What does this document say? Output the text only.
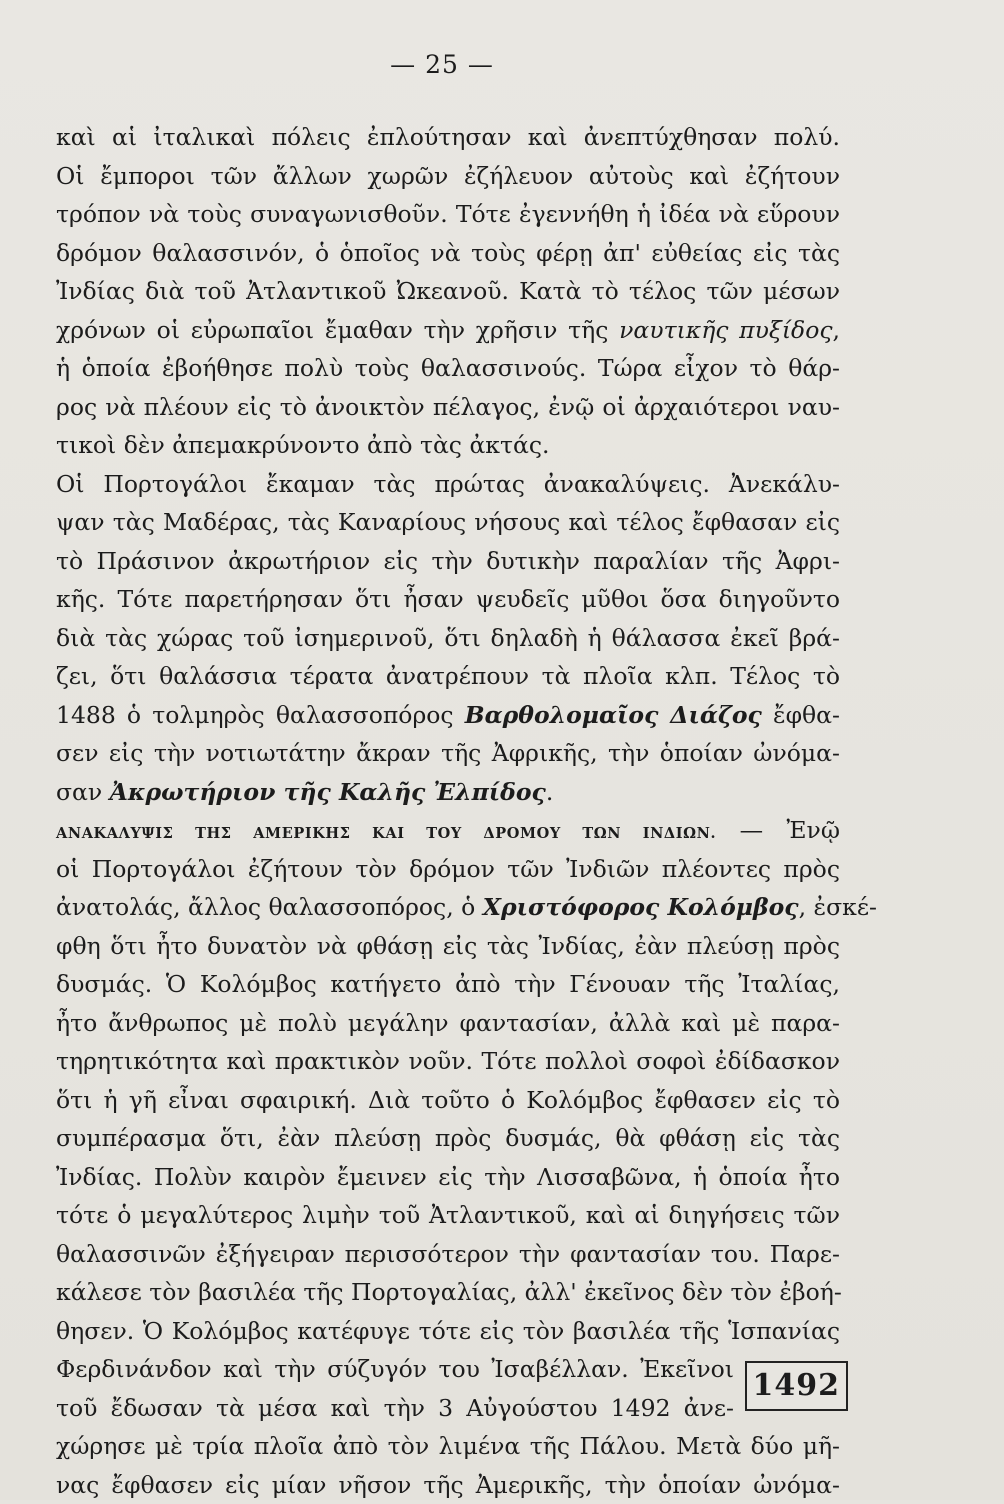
— 25 —
καὶ αἱ ἰταλικαὶ πόλεις ἐπλούτησαν καὶ ἀνεπτύχθησαν πολύ.
Οἱ ἔμποροι τῶν ἄλλων χωρῶν ἐζήλευον αὐτοὺς καὶ ἐζήτουν
τρόπον νὰ τοὺς συναγωνισθοῦν. Τότε ἐγεννήθη ἡ ἰδέα νὰ εὕρουν
δρόμον θαλασσινόν, ὁ ὁποῖος νὰ τοὺς φέρῃ ἀπ' εὐθείας εἰς τὰς
Ἰνδίας διὰ τοῦ Ἀτλαντικοῦ Ὠκεανοῦ. Κατὰ τὸ τέλος τῶν μέσων
χρόνων οἱ εὐρωπαῖοι ἔμαθαν τὴν χρῆσιν τῆς ναυτικῆς πυξίδος,
ἡ ὁποία ἐβοήθησε πολὺ τοὺς θαλασσινούς. Τώρα εἶχον τὸ θάρ-
ρος νὰ πλέουν εἰς τὸ ἀνοικτὸν πέλαγος, ἐνῷ οἱ ἀρχαιότεροι ναυ-
τικοὶ δὲν ἀπεμακρύνοντο ἀπὸ τὰς ἀκτάς.
Οἱ Πορτογάλοι ἔκαμαν τὰς πρώτας ἀνακαλύψεις. Ἀνεκάλυ-
ψαν τὰς Μαδέρας, τὰς Καναρίους νήσους καὶ τέλος ἔφθασαν εἰς
τὸ Πράσινον ἀκρωτήριον εἰς τὴν δυτικὴν παραλίαν τῆς Ἀφρι-
κῆς. Τότε παρετήρησαν ὅτι ἦσαν ψευδεῖς μῦθοι ὅσα διηγοῦντο
διὰ τὰς χώρας τοῦ ἰσημερινοῦ, ὅτι δηλαδὴ ἡ θάλασσα ἐκεῖ βρά-
ζει, ὅτι θαλάσσια τέρατα ἀνατρέπουν τὰ πλοῖα κλπ. Τέλος τὸ
1488 ὁ τολμηρὸς θαλασσοπόρος Βαρθολομαῖος Διάζος ἔφθα-
σεν εἰς τὴν νοτιωτάτην ἄκραν τῆς Ἀφρικῆς, τὴν ὁποίαν ὠνόμα-
σαν Ἀκρωτήριον τῆς Καλῆς Ἐλπίδος.
ΑΝΑΚΑΛΥΨΙΣ ΤΗΣ ΑΜΕΡΙΚΗΣ ΚΑΙ ΤΟΥ ΔΡΟΜΟΥ ΤΩΝ ΙΝΔΙΩΝ. — Ἐνῷ
οἱ Πορτογάλοι ἐζήτουν τὸν δρόμον τῶν Ἰνδιῶν πλέοντες πρὸς
ἀνατολάς, ἄλλος θαλασσοπόρος, ὁ Χριστόφορος Κολόμβος, ἐσκέ-
φθη ὅτι ἦτο δυνατὸν νὰ φθάσῃ εἰς τὰς Ἰνδίας, ἐὰν πλεύσῃ πρὸς
δυσμάς. Ὁ Κολόμβος κατήγετο ἀπὸ τὴν Γένουαν τῆς Ἰταλίας,
ἦτο ἄνθρωπος μὲ πολὺ μεγάλην φαντασίαν, ἀλλὰ καὶ μὲ παρα-
τηρητικότητα καὶ πρακτικὸν νοῦν. Τότε πολλοὶ σοφοὶ ἐδίδασκον
ὅτι ἡ γῆ εἶναι σφαιρική. Διὰ τοῦτο ὁ Κολόμβος ἔφθασεν εἰς τὸ
συμπέρασμα ὅτι, ἐὰν πλεύσῃ πρὸς δυσμάς, θὰ φθάσῃ εἰς τὰς
Ἰνδίας. Πολὺν καιρὸν ἔμεινεν εἰς τὴν Λισσαβῶνα, ἡ ὁποία ἦτο
τότε ὁ μεγαλύτερος λιμὴν τοῦ Ἀτλαντικοῦ, καὶ αἱ διηγήσεις τῶν
θαλασσινῶν ἐξήγειραν περισσότερον τὴν φαντασίαν του. Παρε-
κάλεσε τὸν βασιλέα τῆς Πορτογαλίας, ἀλλ' ἐκεῖνος δὲν τὸν ἐβοή-
θησεν. Ὁ Κολόμβος κατέφυγε τότε εἰς τὸν βασιλέα τῆς Ἱσπανίας
Φερδινάνδον καὶ τὴν σύζυγόν του Ἰσαβέλλαν. Ἐκεῖνοι
τοῦ ἔδωσαν τὰ μέσα καὶ τὴν 3 Αὐγούστου 1492 ἀνε-
1492
χώρησε μὲ τρία πλοῖα ἀπὸ τὸν λιμένα τῆς Πάλου. Μετὰ δύο μῆ-
νας ἔφθασεν εἰς μίαν νῆσον τῆς Ἀμερικῆς, τὴν ὁποίαν ὠνόμα-
